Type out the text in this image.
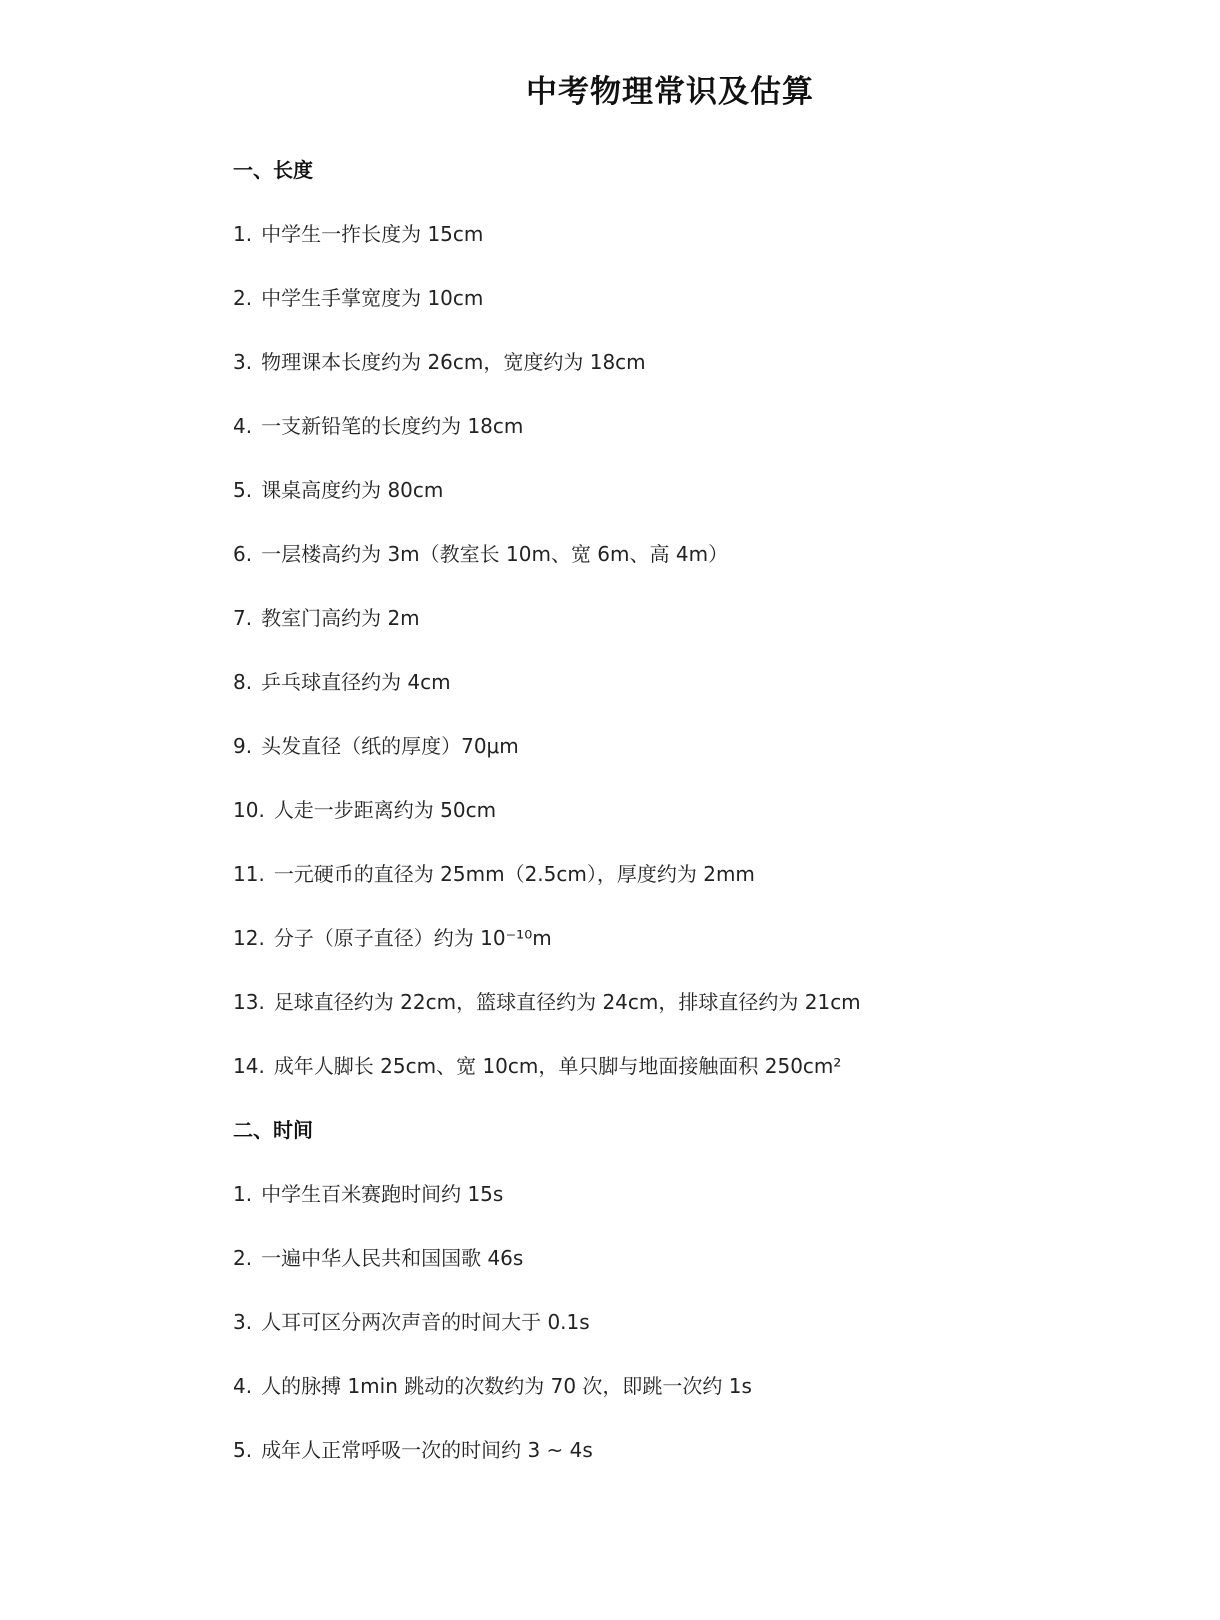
中考物理常识及估算
一、长度
1. 中学生一拃长度为 15cm
2. 中学生手掌宽度为 10cm
3. 物理课本长度约为 26cm，宽度约为 18cm
4. 一支新铅笔的长度约为 18cm
5. 课桌高度约为 80cm
6. 一层楼高约为 3m（教室长 10m、宽 6m、高 4m）
7. 教室门高约为 2m
8. 乒乓球直径约为 4cm
9. 头发直径（纸的厚度）70μm
10. 人走一步距离约为 50cm
11. 一元硬币的直径为 25mm（2.5cm），厚度约为 2mm
12. 分子（原子直径）约为 10⁻¹⁰m
13. 足球直径约为 22cm，篮球直径约为 24cm，排球直径约为 21cm
14. 成年人脚长 25cm、宽 10cm，单只脚与地面接触面积 250cm²
二、时间
1. 中学生百米赛跑时间约 15s
2. 一遍中华人民共和国国歌 46s
3. 人耳可区分两次声音的时间大于 0.1s
4. 人的脉搏 1min 跳动的次数约为 70 次，即跳一次约 1s
5. 成年人正常呼吸一次的时间约 3 ~ 4s
